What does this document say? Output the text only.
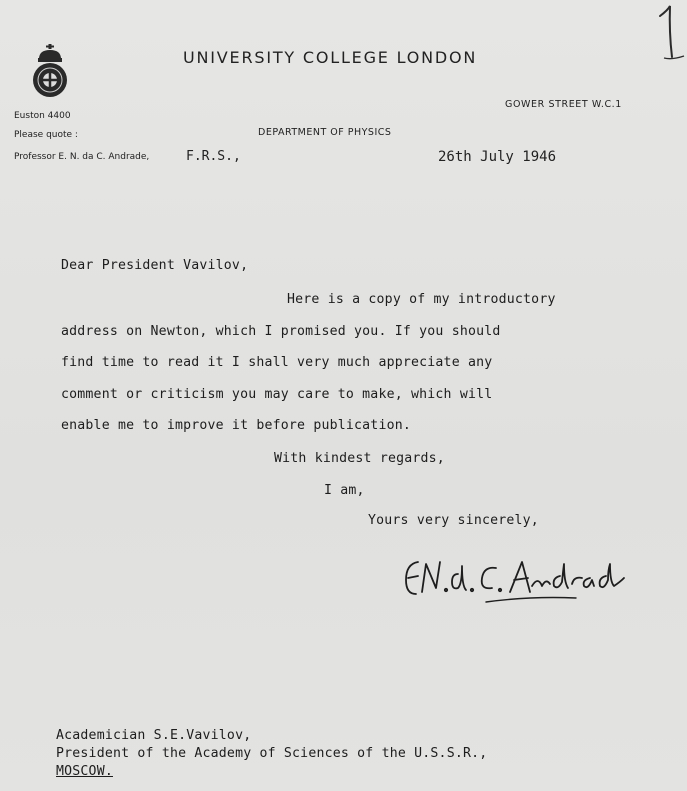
UNIVERSITY COLLEGE LONDON
GOWER STREET W.C.1
Euston 4400
Please quote :	DEPARTMENT OF PHYSICS
Professor E. N. da C. Andrade,	F.R.S.,	26th July 1946
Dear President Vavilov,
Here is a copy of my introductory
address on Newton, which I promised you. If you should
find time to read it I shall very much appreciate any
comment or criticism you may care to make, which will
enable me to improve it before publication.
With kindest regards,
I am,
Yours very sincerely,
Academician S.E.Vavilov,
President of the Academy of Sciences of the U.S.S.R.,
MOSCOW.
